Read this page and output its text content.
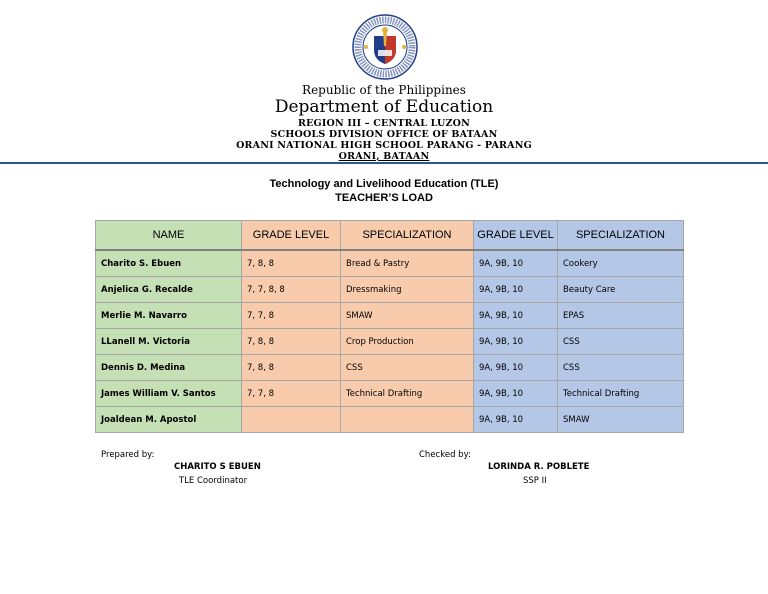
Republic of the Philippines
Department of Education
REGION III – CENTRAL LUZON
SCHOOLS DIVISION OFFICE OF BATAAN
ORANI NATIONAL HIGH SCHOOL PARANG - PARANG
ORANI, BATAAN
Technology and Livelihood Education (TLE)
TEACHER’S LOAD
NAME	GRADE LEVEL	SPECIALIZATION	GRADE LEVEL	SPECIALIZATION
Charito S. Ebuen	7, 8, 8	Bread & Pastry	9A, 9B, 10	Cookery
Anjelica G. Recalde	7, 7, 8, 8	Dressmaking	9A, 9B, 10	Beauty Care
Merlie M. Navarro	7, 7, 8	SMAW	9A, 9B, 10	EPAS
LLanell M. Victoria	7, 8, 8	Crop Production	9A, 9B, 10	CSS
Dennis D. Medina	7, 8, 8	CSS	9A, 9B, 10	CSS
James William V. Santos	7, 7, 8	Technical Drafting	9A, 9B, 10	Technical Drafting
Joaldean M. Apostol			9A, 9B, 10	SMAW
Prepared by:
CHARITO S EBUEN
TLE Coordinator
Checked by:
LORINDA R. POBLETE
SSP II
